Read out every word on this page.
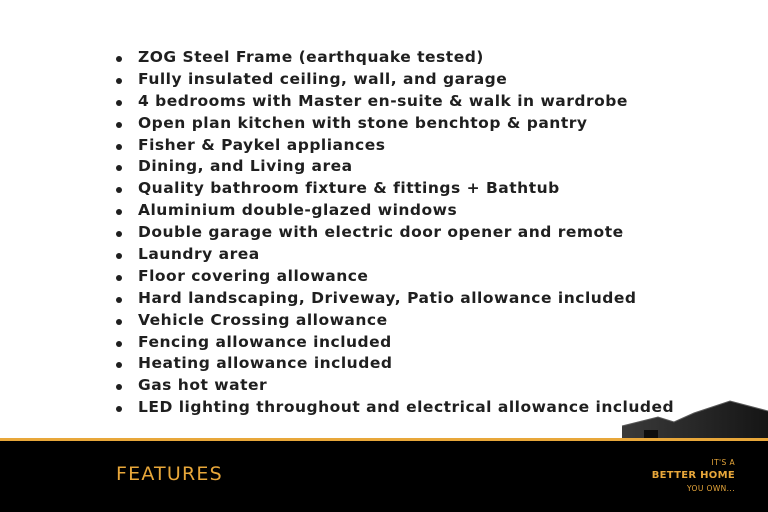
ZOG Steel Frame (earthquake tested)
Fully insulated ceiling, wall, and garage
4 bedrooms with Master en-suite & walk in wardrobe
Open plan kitchen with stone benchtop & pantry
Fisher & Paykel appliances
Dining, and Living area
Quality bathroom fixture & fittings + Bathtub
Aluminium double-glazed windows
Double garage with electric door opener and remote
Laundry area
Floor covering allowance
Hard landscaping, Driveway, Patio allowance included
Vehicle Crossing allowance
Fencing allowance included
Heating allowance included
Gas hot water
LED lighting throughout and electrical allowance included
FEATURES
IT'S A
BETTER HOME
YOU OWN...
